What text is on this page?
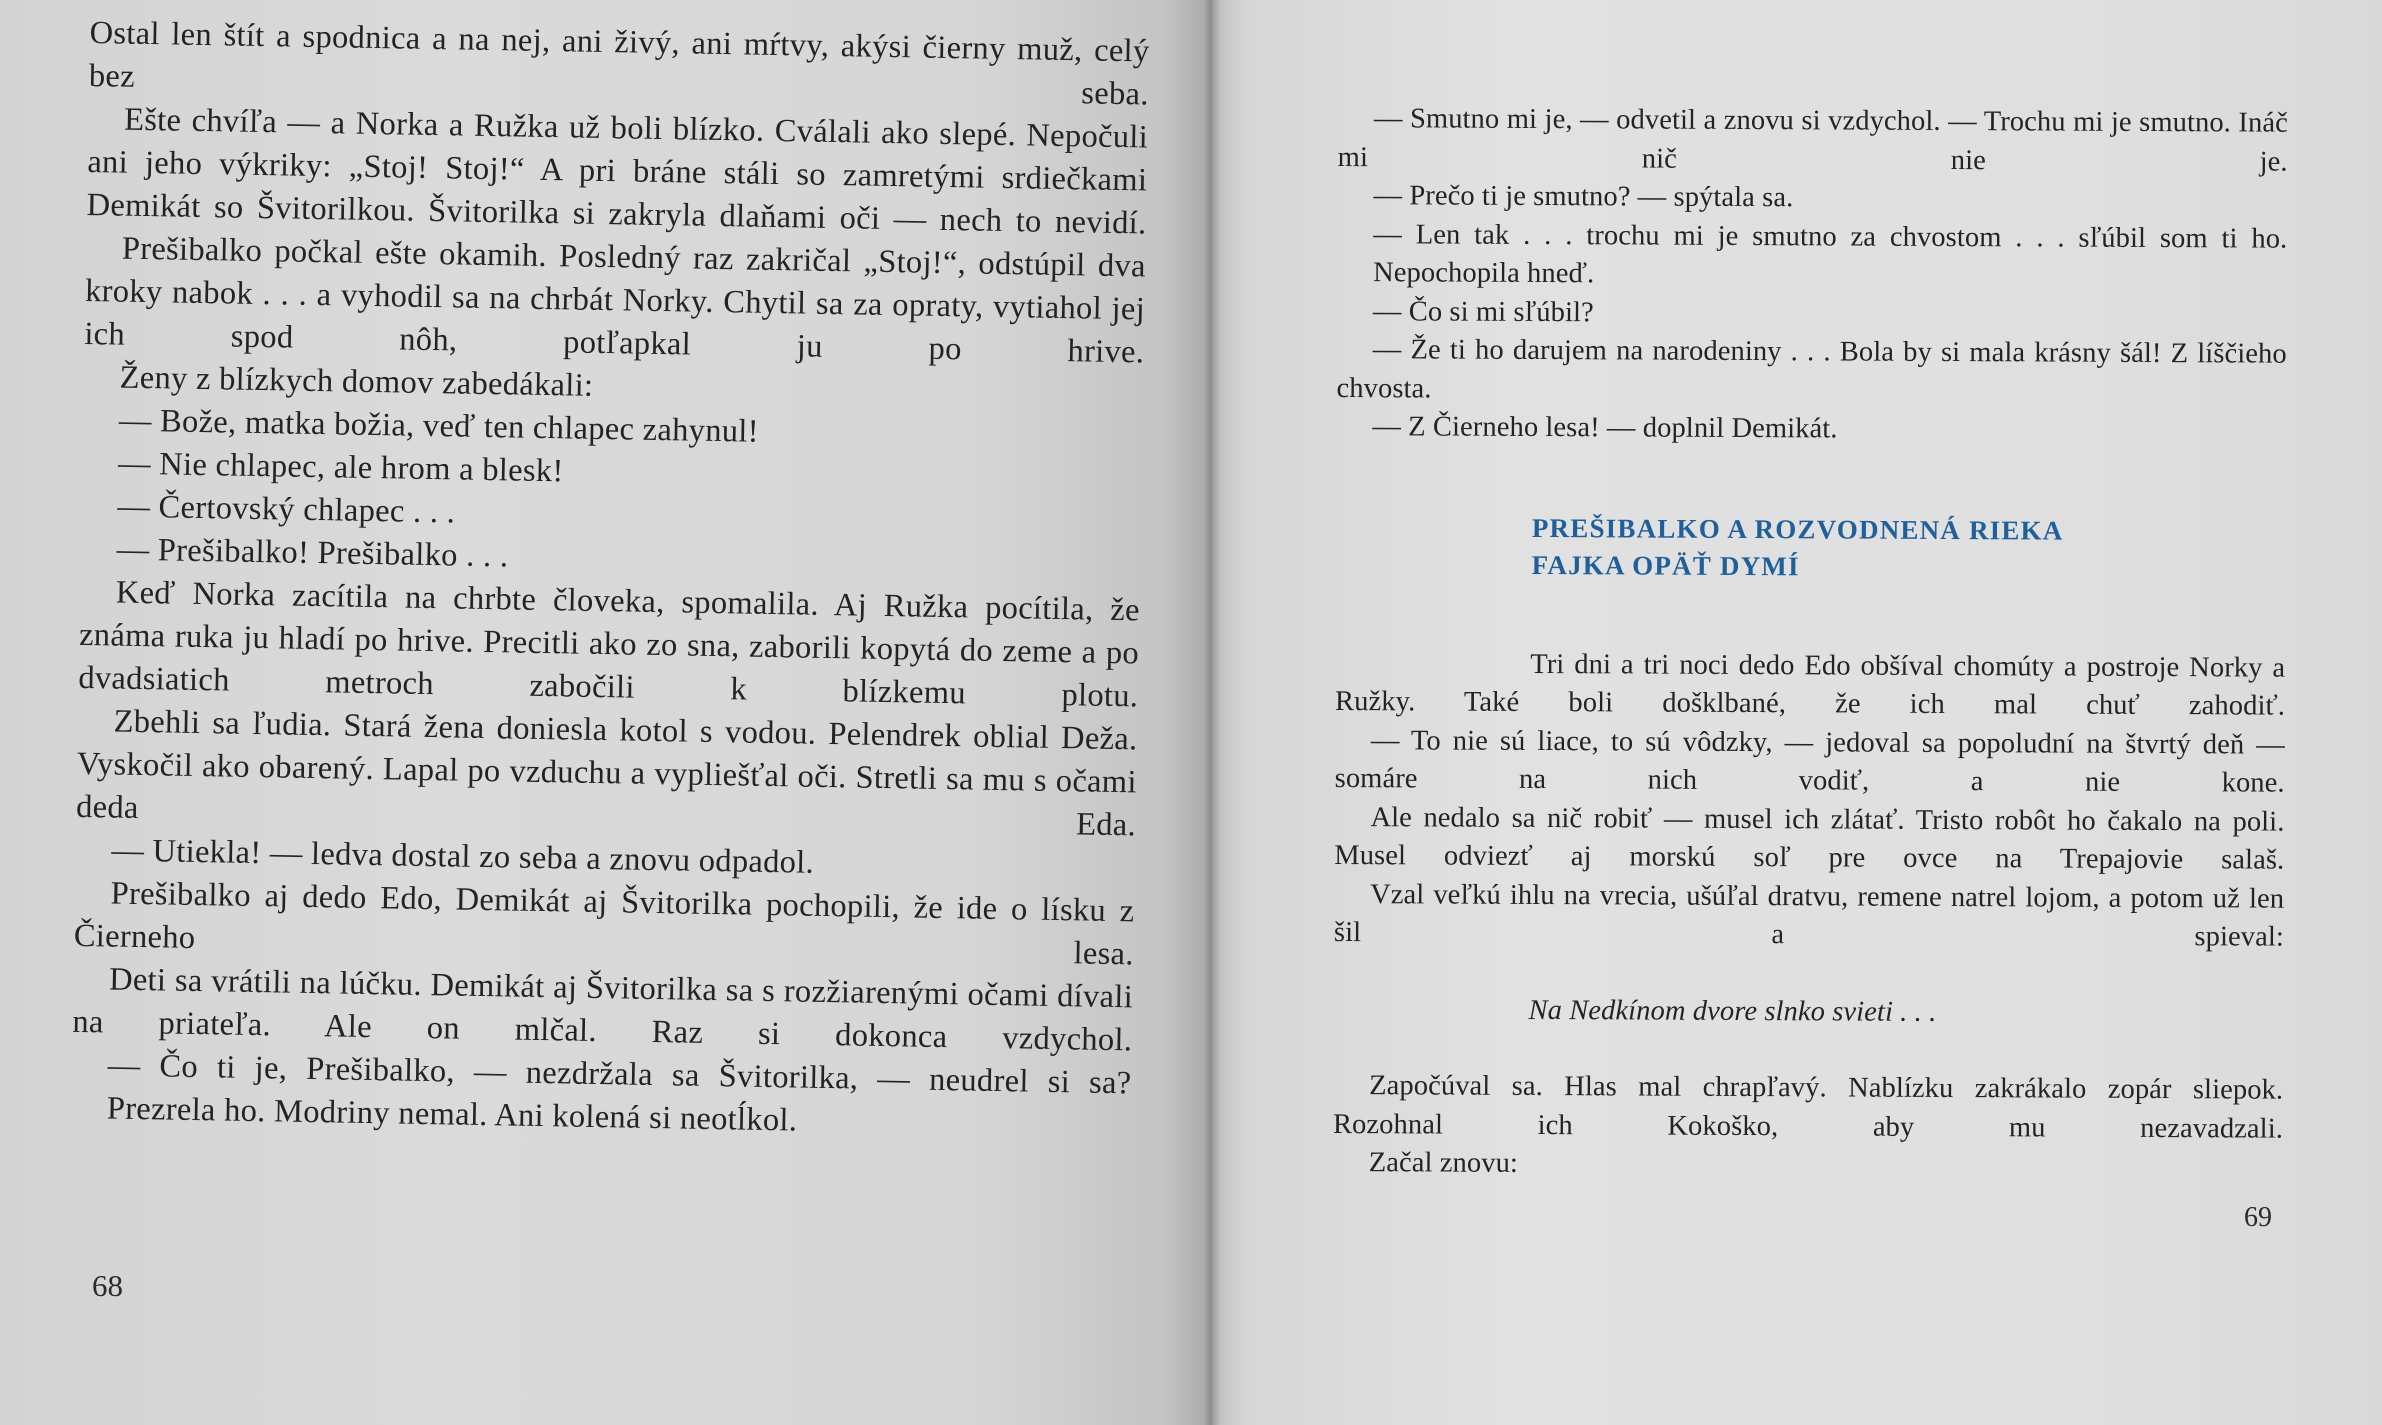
Ostal len štít a spodnica a na nej, ani živý, ani mŕtvy, akýsi čierny muž, celý bez seba.

Ešte chvíľa — a Norka a Ružka už boli blízko. Cválali ako slepé. Nepočuli ani jeho výkriky: „Stoj! Stoj!“ A pri bráne stáli so zamretými srdiečkami Demikát so Švitorilkou. Švitorilka si zakryla dlaňami oči — nech to nevidí.

Prešibalko počkal ešte okamih. Posledný raz zakričal „Stoj!“, odstúpil dva kroky nabok . . . a vyhodil sa na chrbát Norky. Chytil sa za opraty, vytiahol jej ich spod nôh, potľapkal ju po hrive.

Ženy z blízkych domov zabedákali:

— Bože, matka božia, veď ten chlapec zahynul!

— Nie chlapec, ale hrom a blesk!

— Čertovský chlapec . . .

— Prešibalko! Prešibalko . . .

Keď Norka zacítila na chrbte človeka, spomalila. Aj Ružka pocítila, že známa ruka ju hladí po hrive. Precitli ako zo sna, zaborili kopytá do zeme a po dvadsiatich metroch zabočili k blízkemu plotu.

Zbehli sa ľudia. Stará žena doniesla kotol s vodou. Pelendrek oblial Deža. Vyskočil ako obarený. Lapal po vzduchu a vypliešťal oči. Stretli sa mu s očami deda Eda.

— Utiekla! — ledva dostal zo seba a znovu odpadol.

Prešibalko aj dedo Edo, Demikát aj Švitorilka pochopili, že ide o lísku z Čierneho lesa.

Deti sa vrátili na lúčku. Demikát aj Švitorilka sa s rozžiarenými očami dívali na priateľa. Ale on mlčal. Raz si dokonca vzdychol.

— Čo ti je, Prešibalko, — nezdržala sa Švitorilka, — neudrel si sa?

Prezrela ho. Modriny nemal. Ani kolená si neotĺkol.

68

— Smutno mi je, — odvetil a znovu si vzdychol. — Trochu mi je smutno. Ináč mi nič nie je.

— Prečo ti je smutno? — spýtala sa.

— Len tak . . . trochu mi je smutno za chvostom . . . sľúbil som ti ho.

Nepochopila hneď.

— Čo si mi sľúbil?

— Že ti ho darujem na narodeniny . . . Bola by si mala krásny šál! Z líščieho chvosta.

— Z Čierneho lesa! — doplnil Demikát.

PREŠIBALKO A ROZVODNENÁ RIEKA
FAJKA OPÄŤ DYMÍ

Tri dni a tri noci dedo Edo obšíval chomúty a postroje Norky a Ružky. Také boli došklbané, že ich mal chuť zahodiť.

— To nie sú liace, to sú vôdzky, — jedoval sa popoludní na štvrtý deň — somáre na nich vodiť, a nie kone.

Ale nedalo sa nič robiť — musel ich zlátať. Tristo robôt ho čakalo na poli. Musel odviezť aj morskú soľ pre ovce na Trepajovie salaš.

Vzal veľkú ihlu na vrecia, ušúľal dratvu, remene natrel lojom, a potom už len šil a spieval:

Na Nedkínom dvore slnko svieti . . .

Započúval sa. Hlas mal chrapľavý. Nablízku zakrákalo zopár sliepok. Rozohnal ich Kokoško, aby mu nezavadzali.

Začal znovu:

69
